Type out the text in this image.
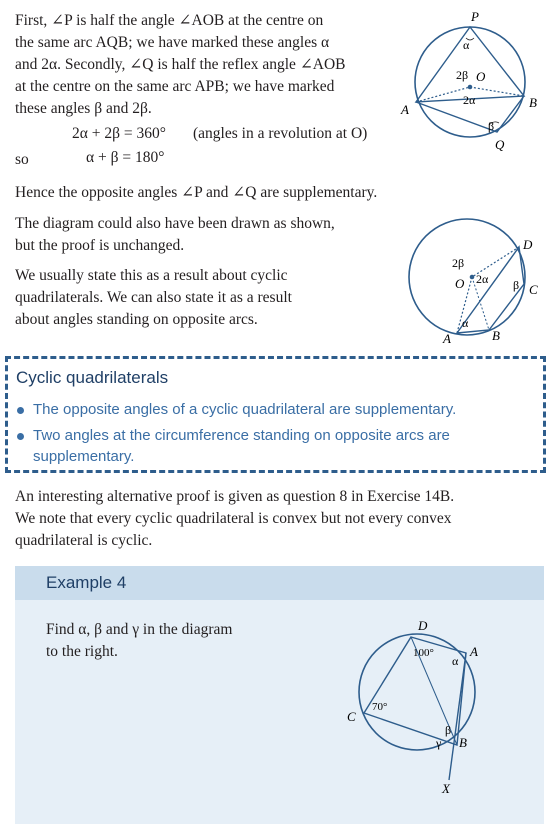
First, ∠P is half the angle ∠AOB at the centre on
the same arc AQB; we have marked these angles α
and 2α. Secondly, ∠Q is half the reflex angle ∠AOB
at the centre on the same arc APB; we have marked
these angles β and 2β.
2α + 2β = 360° (angles in a revolution at O)
so	α + β = 180°
Hence the opposite angles ∠P and ∠Q are supplementary.
The diagram could also have been drawn as shown,
but the proof is unchanged.
We usually state this as a result about cyclic
quadrilaterals. We can also state it as a result
about angles standing on opposite arcs.
P
α
2β O
2α
β
A	B
Q
2β
O 2α β
α
D
C
B
A
Cyclic quadrilaterals
The opposite angles of a cyclic quadrilateral are supplementary.
Two angles at the circumference standing on opposite arcs are
supplementary.
An interesting alternative proof is given as question 8 in Exercise 14B.
We note that every cyclic quadrilateral is convex but not every convex
quadrilateral is cyclic.
Example 4
Find α, β and γ in the diagram
to the right.
D
A
C
B
X
100°
70°
α
β
γ
